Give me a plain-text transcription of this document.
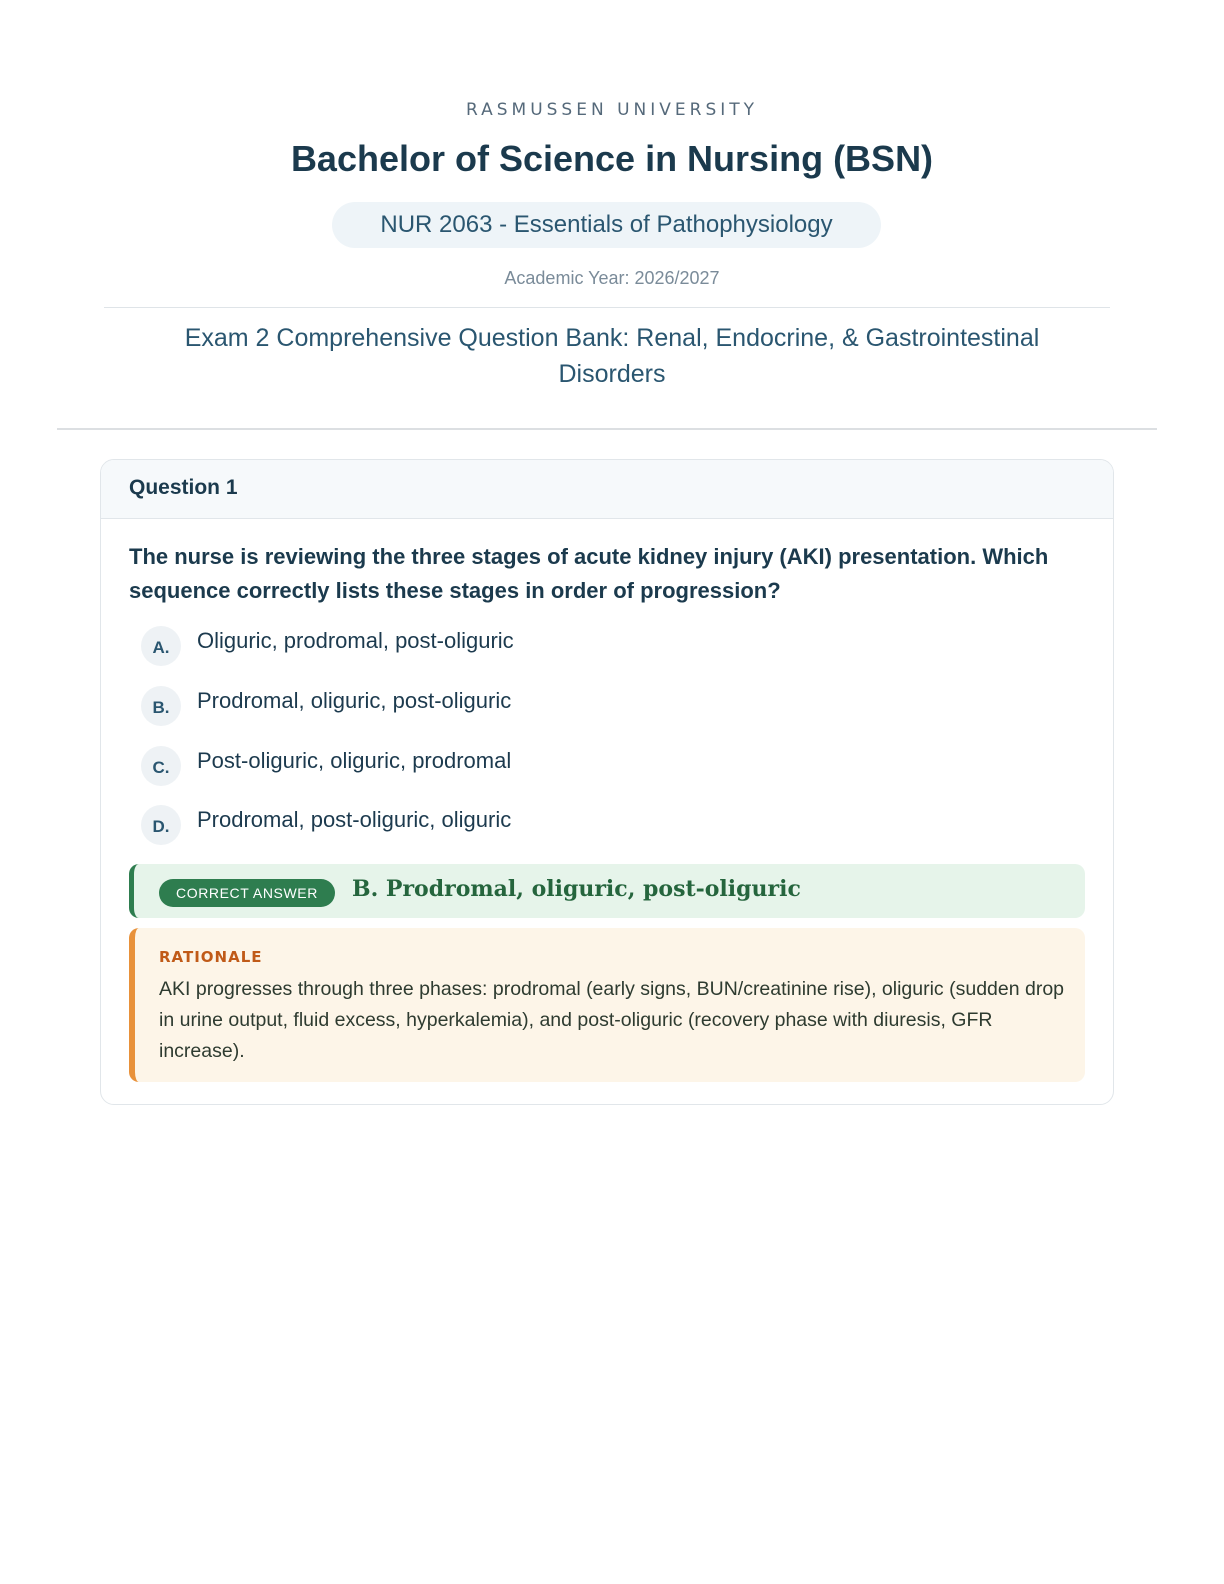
RASMUSSEN UNIVERSITY
Bachelor of Science in Nursing (BSN)
NUR 2063 - Essentials of Pathophysiology
Academic Year: 2026/2027
Exam 2 Comprehensive Question Bank: Renal, Endocrine, & Gastrointestinal Disorders
Question 1
The nurse is reviewing the three stages of acute kidney injury (AKI) presentation. Which sequence correctly lists these stages in order of progression?
A.	Oliguric, prodromal, post-oliguric
B.	Prodromal, oliguric, post-oliguric
C.	Post-oliguric, oliguric, prodromal
D.	Prodromal, post-oliguric, oliguric
CORRECT ANSWER	B. Prodromal, oliguric, post-oliguric
RATIONALE
AKI progresses through three phases: prodromal (early signs, BUN/creatinine rise), oliguric (sudden drop in urine output, fluid excess, hyperkalemia), and post-oliguric (recovery phase with diuresis, GFR increase).
